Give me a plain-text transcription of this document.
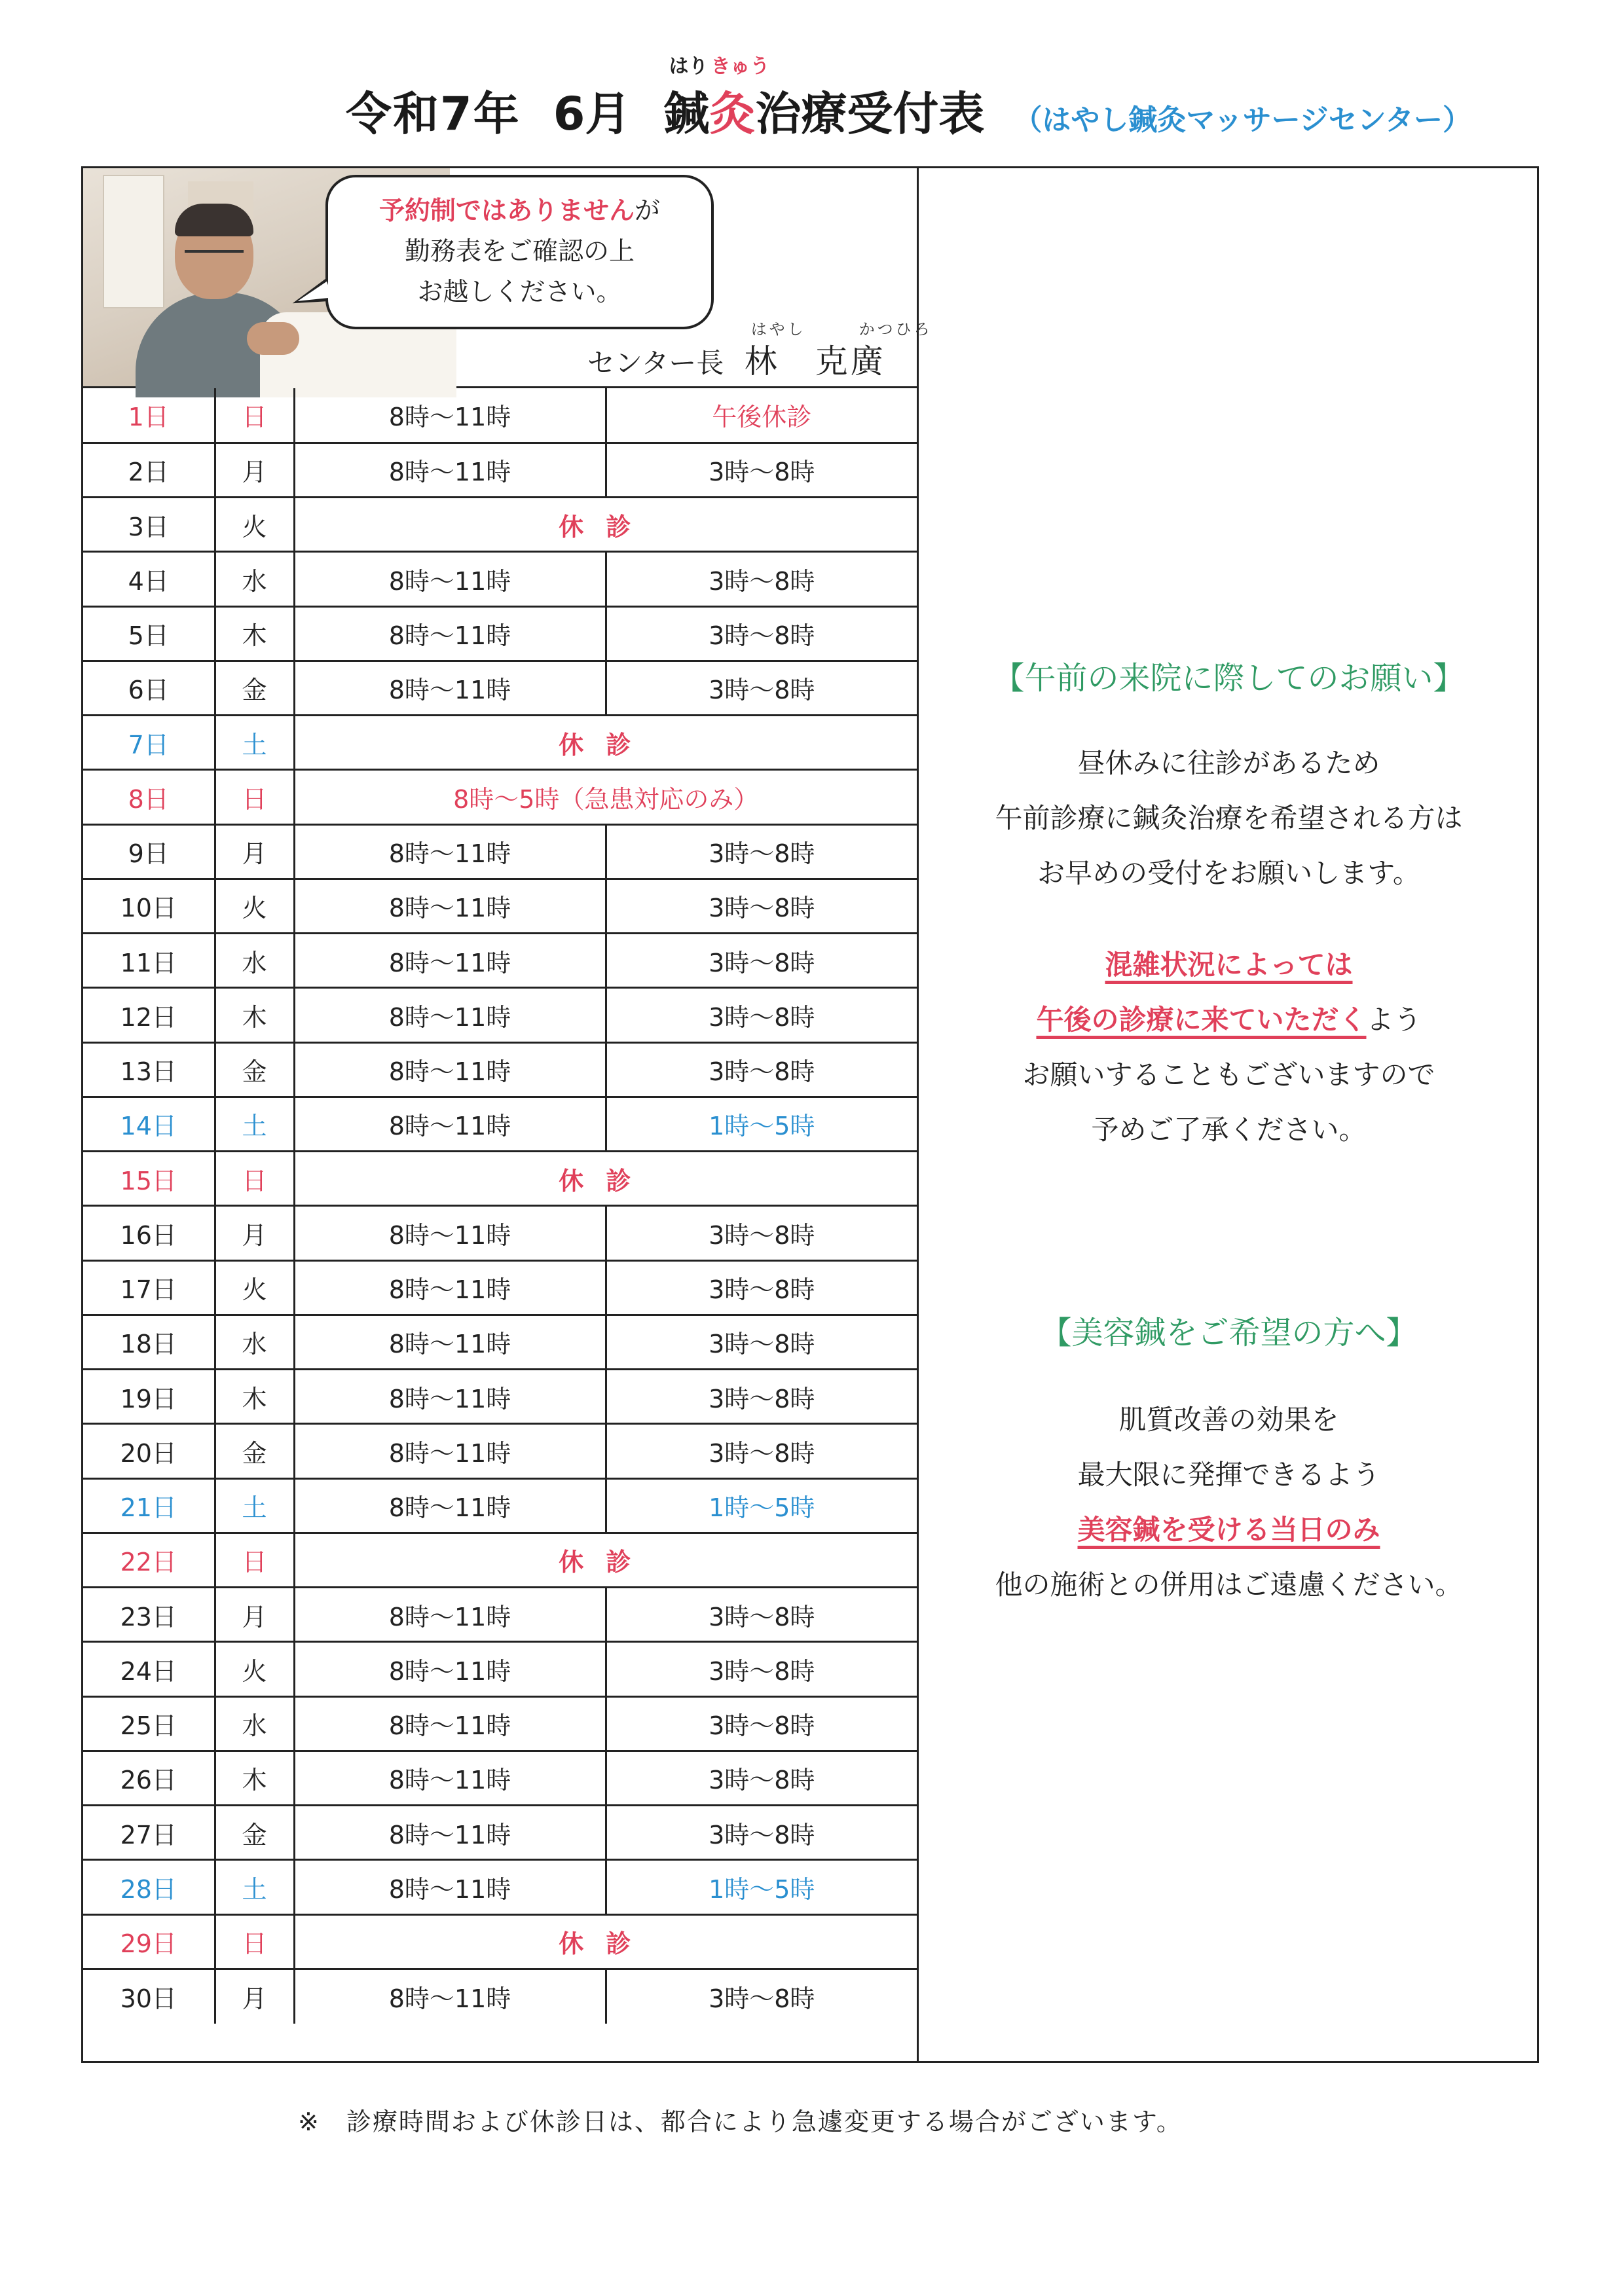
令和7年 6月
はり
鍼
きゅう
灸 治療受付表 （はやし鍼灸マッサージセンター）
予約制ではありませんが
勤務表をご確認の上
お越しください。
センター長
はやし	かつひろ
林　克廣
1日	日	8時～11時	午後休診
2日	月	8時～11時	3時～8時
3日	火	休診	
4日	水	8時～11時	3時～8時
5日	木	8時～11時	3時～8時
6日	金	8時～11時	3時～8時
7日	土	休診	
8日	日	8時～5時（急患対応のみ）	
9日	月	8時～11時	3時～8時
10日	火	8時～11時	3時～8時
11日	水	8時～11時	3時～8時
12日	木	8時～11時	3時～8時
13日	金	8時～11時	3時～8時
14日	土	8時～11時	1時～5時
15日	日	休診	
16日	月	8時～11時	3時～8時
17日	火	8時～11時	3時～8時
18日	水	8時～11時	3時～8時
19日	木	8時～11時	3時～8時
20日	金	8時～11時	3時～8時
21日	土	8時～11時	1時～5時
22日	日	休診	
23日	月	8時～11時	3時～8時
24日	火	8時～11時	3時～8時
25日	水	8時～11時	3時～8時
26日	木	8時～11時	3時～8時
27日	金	8時～11時	3時～8時
28日	土	8時～11時	1時～5時
29日	日	休診	
30日	月	8時～11時	3時～8時
【午前の来院に際してのお願い】
昼休みに往診があるため
午前診療に鍼灸治療を希望される方は
お早めの受付をお願いします。
混雑状況によっては
午後の診療に来ていただくよう
お願いすることもございますので
予めご了承ください。
【美容鍼をご希望の方へ】
肌質改善の効果を
最大限に発揮できるよう
美容鍼を受ける当日のみ
他の施術との併用はご遠慮ください。
※　診療時間および休診日は、都合により急遽変更する場合がございます。
